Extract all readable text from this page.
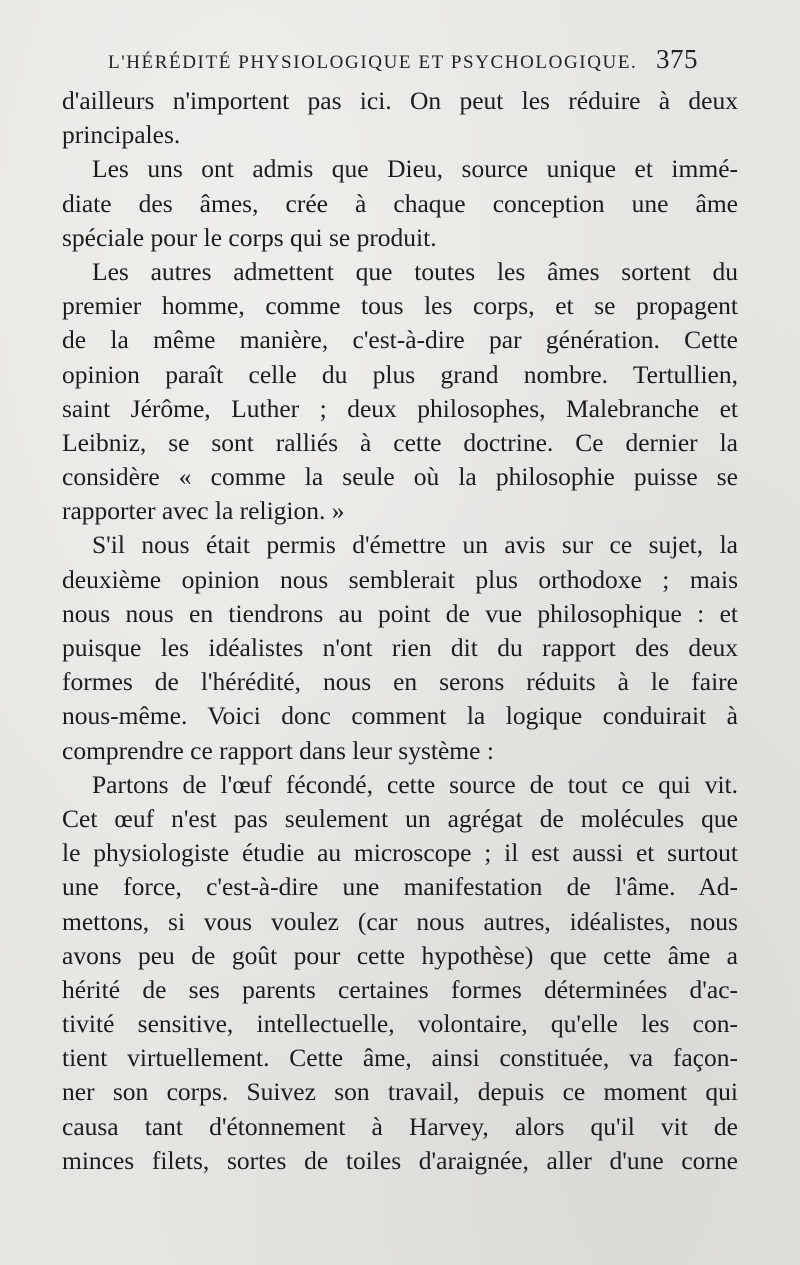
L'HÉRÉDITÉ PHYSIOLOGIQUE ET PSYCHOLOGIQUE. 375
d'ailleurs n'importent pas ici. On peut les réduire à deux
principales.
Les uns ont admis que Dieu, source unique et immé-
diate des âmes, crée à chaque conception une âme
spéciale pour le corps qui se produit.
Les autres admettent que toutes les âmes sortent du
premier homme, comme tous les corps, et se propagent
de la même manière, c'est-à-dire par génération. Cette
opinion paraît celle du plus grand nombre. Tertullien,
saint Jérôme, Luther ; deux philosophes, Malebranche et
Leibniz, se sont ralliés à cette doctrine. Ce dernier la
considère « comme la seule où la philosophie puisse se
rapporter avec la religion. »
S'il nous était permis d'émettre un avis sur ce sujet, la
deuxième opinion nous semblerait plus orthodoxe ; mais
nous nous en tiendrons au point de vue philosophique : et
puisque les idéalistes n'ont rien dit du rapport des deux
formes de l'hérédité, nous en serons réduits à le faire
nous-même. Voici donc comment la logique conduirait à
comprendre ce rapport dans leur système :
Partons de l'œuf fécondé, cette source de tout ce qui vit.
Cet œuf n'est pas seulement un agrégat de molécules que
le physiologiste étudie au microscope ; il est aussi et surtout
une force, c'est-à-dire une manifestation de l'âme. Ad-
mettons, si vous voulez (car nous autres, idéalistes, nous
avons peu de goût pour cette hypothèse) que cette âme a
hérité de ses parents certaines formes déterminées d'ac-
tivité sensitive, intellectuelle, volontaire, qu'elle les con-
tient virtuellement. Cette âme, ainsi constituée, va façon-
ner son corps. Suivez son travail, depuis ce moment qui
causa tant d'étonnement à Harvey, alors qu'il vit de
minces filets, sortes de toiles d'araignée, aller d'une corne
